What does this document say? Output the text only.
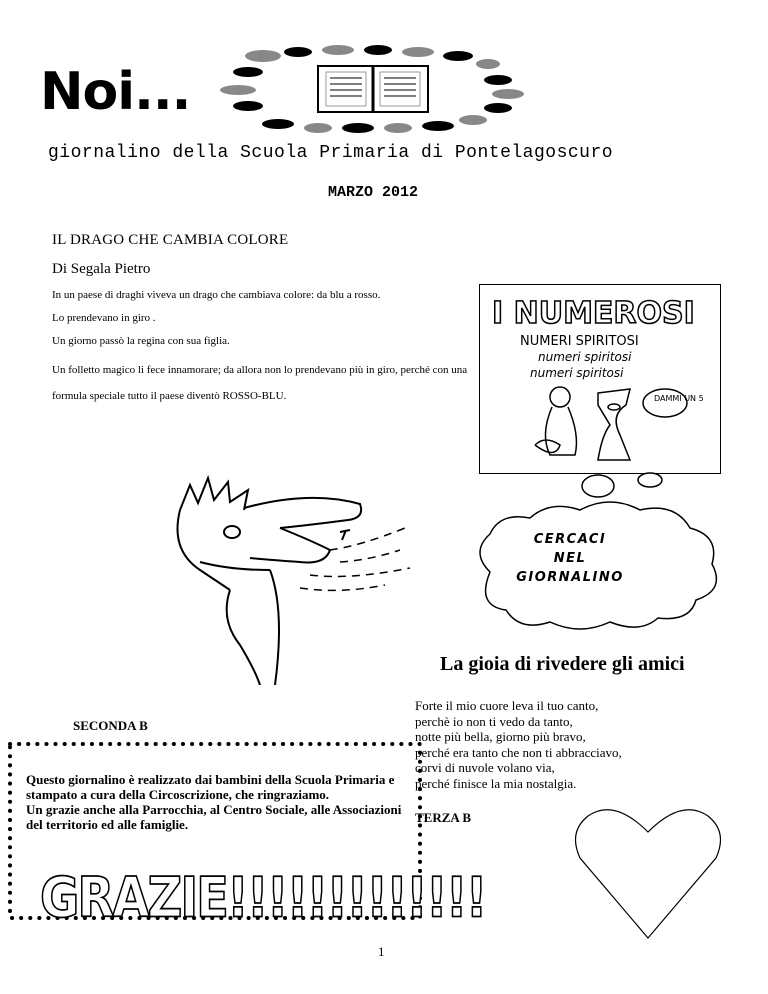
Noi...
giornalino della Scuola Primaria di Pontelagoscuro
MARZO 2012
IL DRAGO CHE CAMBIA COLORE
Di Segala Pietro

In un paese di draghi viveva un drago che cambiava colore: da blu a rosso.

Lo prendevano in giro .

Un giorno passò la regina con sua figlia.

Un folletto magico li fece innamorare; da allora non lo prendevano più in giro, perché con una formula speciale tutto il paese diventò ROSSO-BLU.

I NUMEROSI
NUMERI SPIRITOSI
numeri spiritosi
numeri spiritosi
DAMMI UN 5
CERCACI
NEL
GIORNALINO
La gioia di rivedere gli amici
Forte il mio cuore leva il tuo canto,
perchè io non ti vedo da tanto,
notte più bella, giorno più bravo,
perché era tanto che non ti abbracciavo,
corvi di nuvole volano via,
perché finisce la mia nostalgia.
TERZA B
SECONDA B
Questo giornalino è realizzato dai bambini della Scuola Primaria e stampato a cura della Circoscrizione, che ringraziamo.
Un grazie anche alla Parrocchia, al Centro Sociale, alle Associazioni del territorio ed alle famiglie.
GRAZIE!!!!!!!!!!!!!
1
